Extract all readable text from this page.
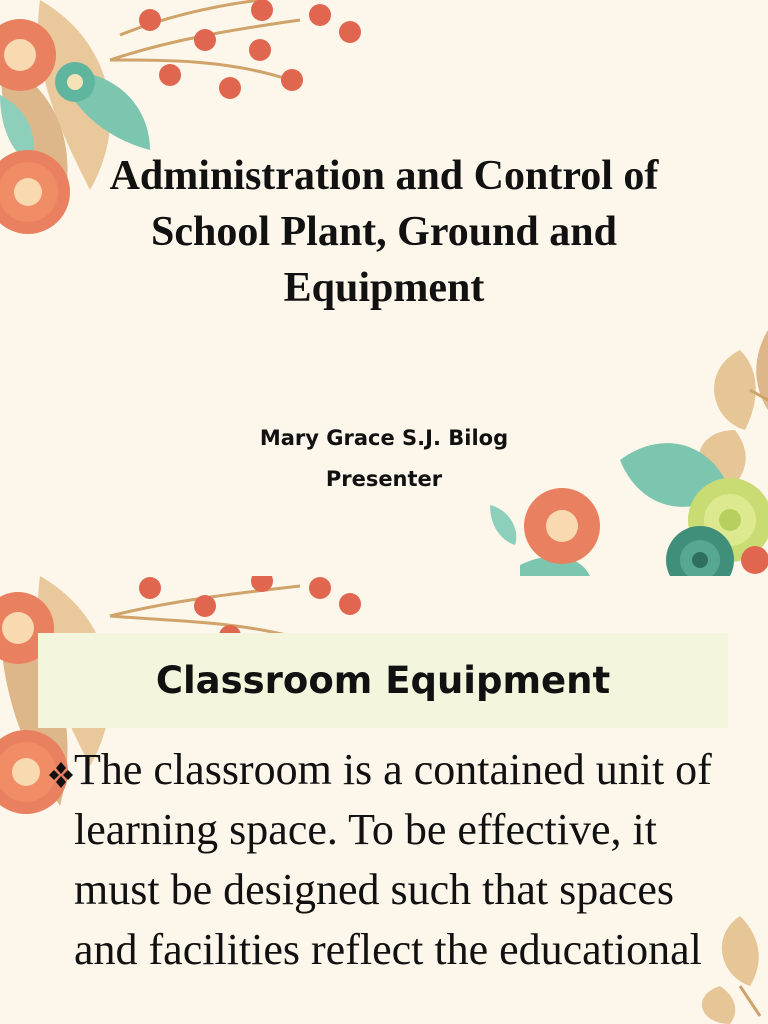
Administration and Control of School Plant, Ground and Equipment
Mary Grace S.J. Bilog
Presenter
Classroom Equipment
The classroom is a contained unit of learning space. To be effective, it must be designed such that spaces and facilities reflect the educational
